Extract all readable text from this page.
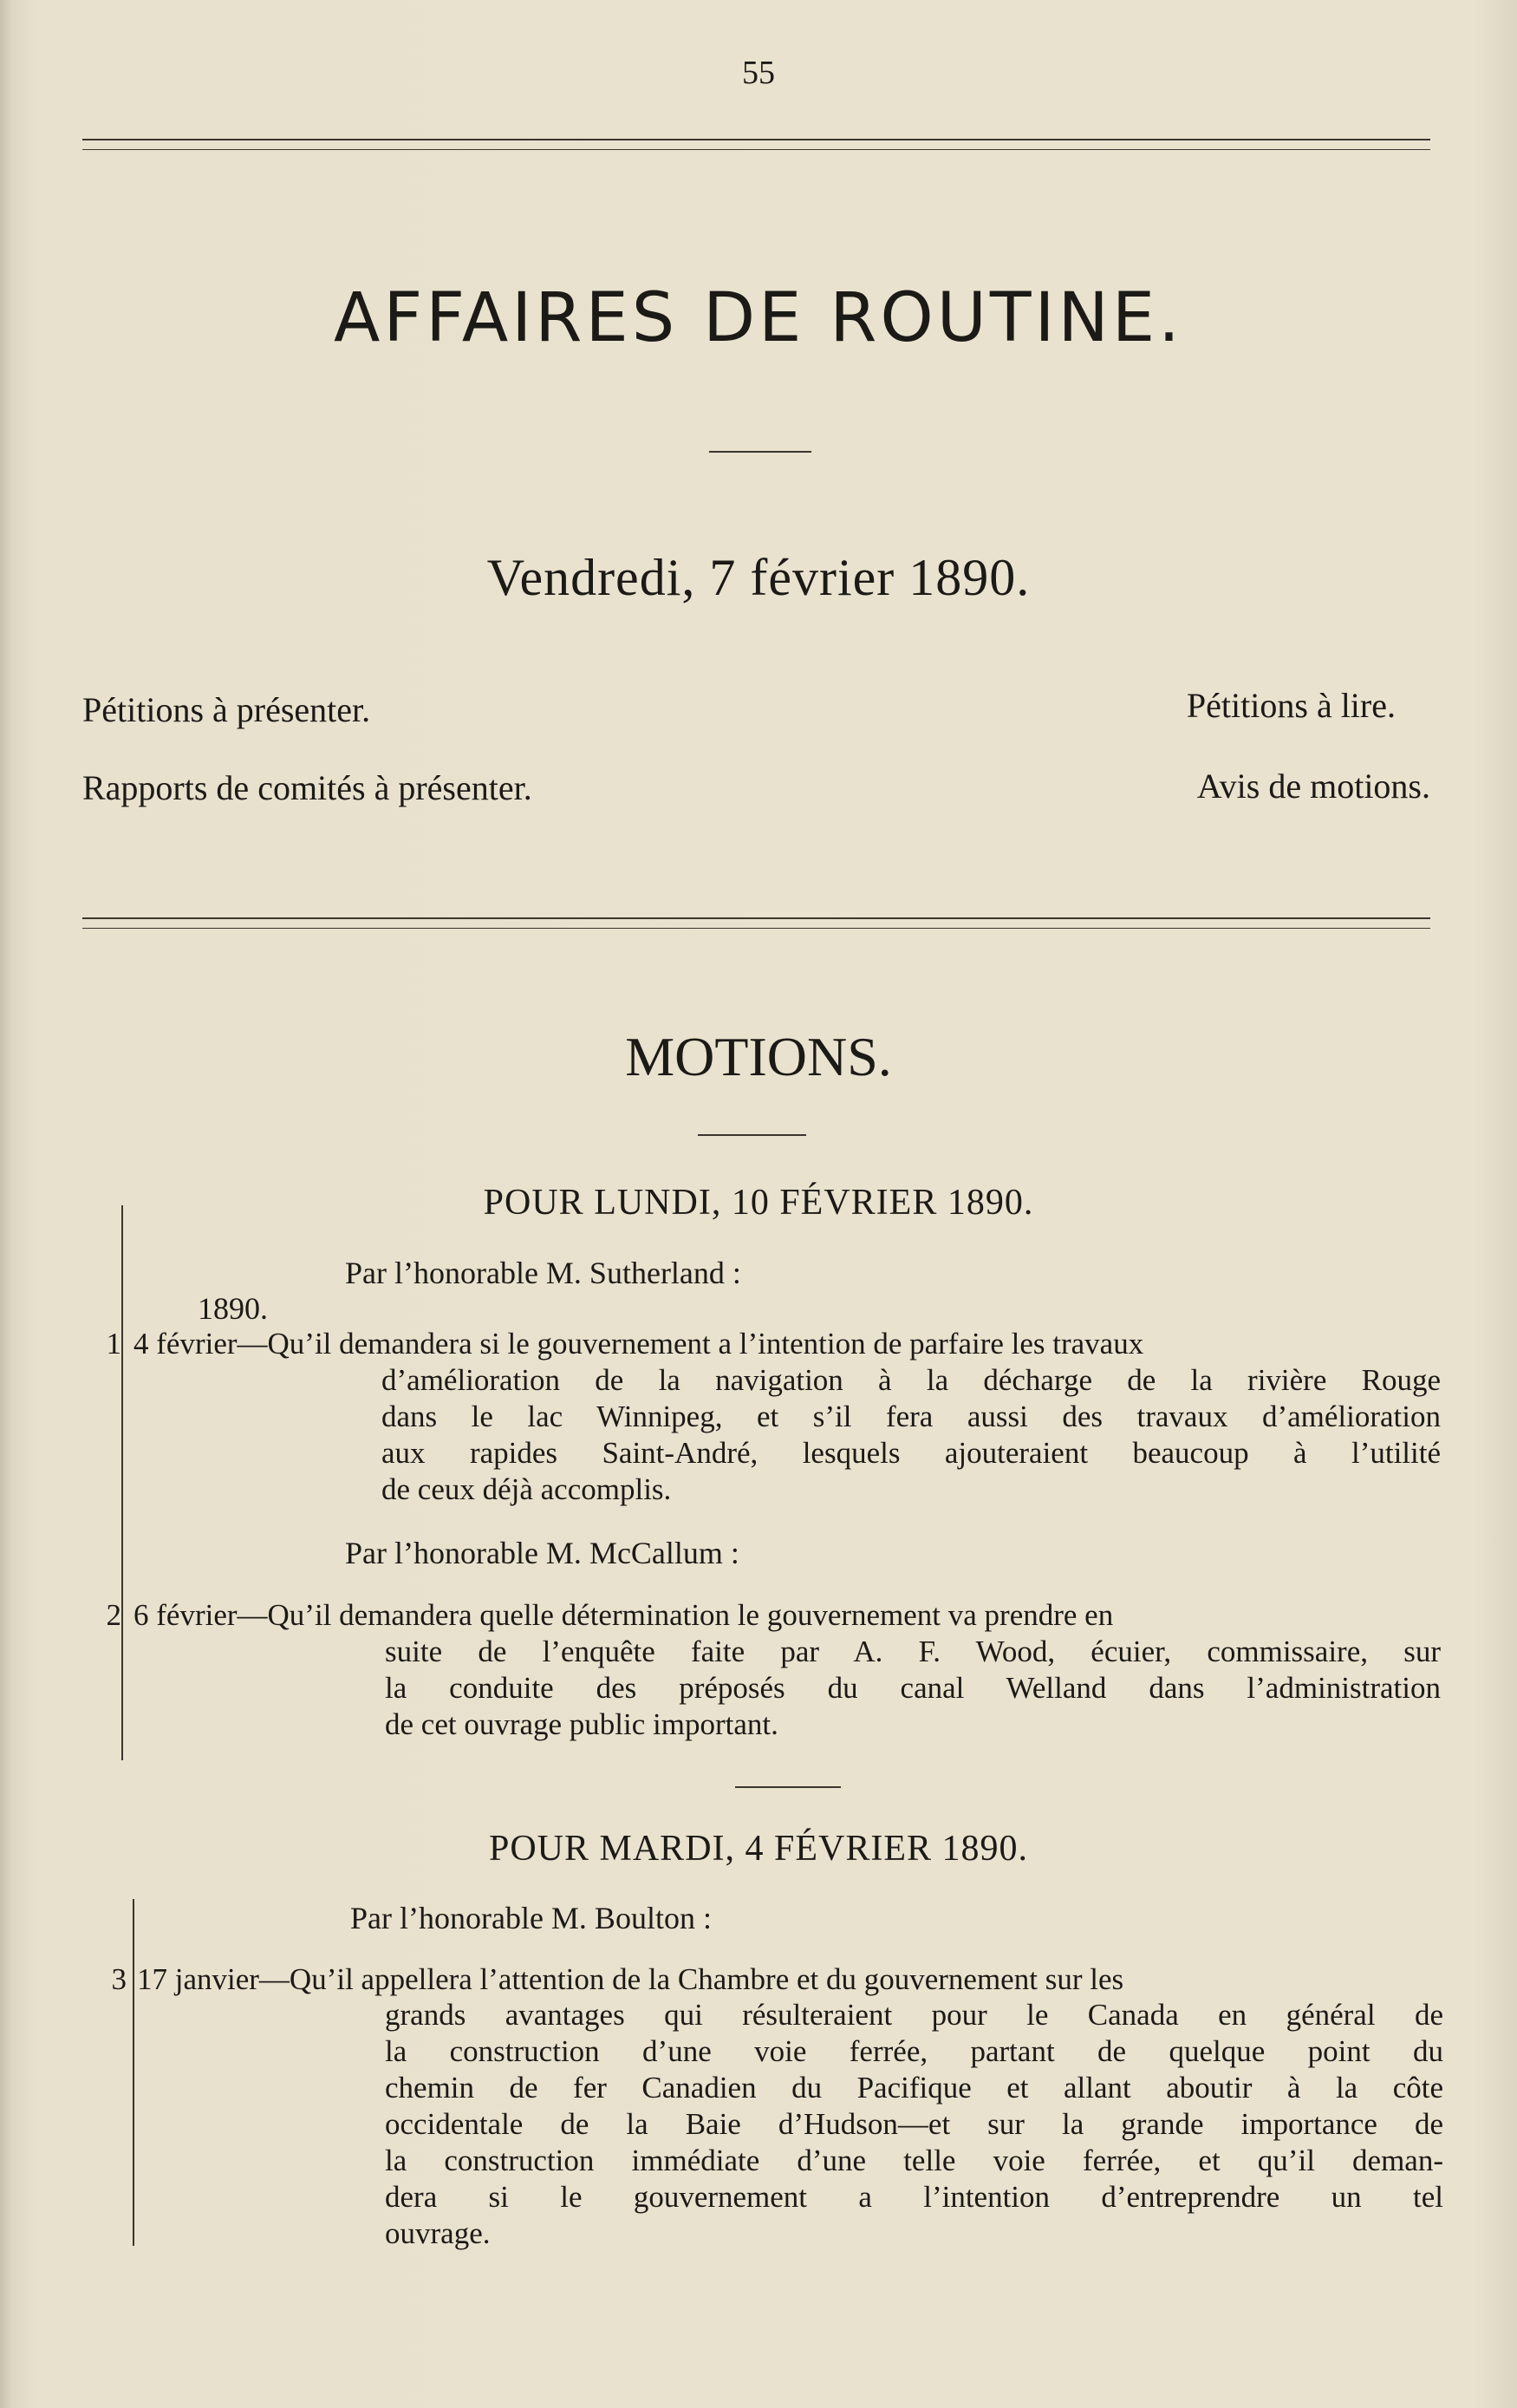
55
AFFAIRES DE ROUTINE.
Vendredi, 7 février 1890.
Pétitions à présenter.
Rapports de comités à présenter.
Pétitions à lire.
Avis de motions.
MOTIONS.
POUR LUNDI, 10 FÉVRIER 1890.
Par l’honorable M. Sutherland :
1890.
1 4 février—Qu’il demandera si le gouvernement a l’intention de parfaire les travaux
d’amélioration de la navigation à la décharge de la rivière Rouge
dans le lac Winnipeg, et s’il fera aussi des travaux d’amélioration
aux rapides Saint-André, lesquels ajouteraient beaucoup à l’utilité
de ceux déjà accomplis.
Par l’honorable M. McCallum :
2 6 février—Qu’il demandera quelle détermination le gouvernement va prendre en
suite de l’enquête faite par A. F. Wood, écuier, commissaire, sur
la conduite des préposés du canal Welland dans l’administration
de cet ouvrage public important.
POUR MARDI, 4 FÉVRIER 1890.
Par l’honorable M. Boulton :
3 17 janvier—Qu’il appellera l’attention de la Chambre et du gouvernement sur les
grands avantages qui résulteraient pour le Canada en général de
la construction d’une voie ferrée, partant de quelque point du
chemin de fer Canadien du Pacifique et allant aboutir à la côte
occidentale de la Baie d’Hudson—et sur la grande importance de
la construction immédiate d’une telle voie ferrée, et qu’il deman-
dera si le gouvernement a l’intention d’entreprendre un tel
ouvrage.
